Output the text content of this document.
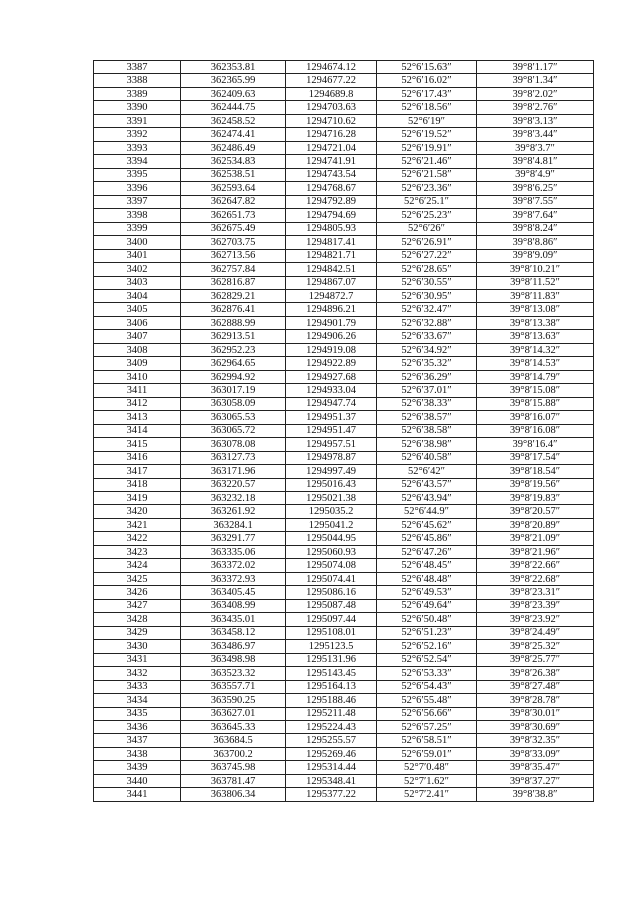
3387	362353.81	1294674.12	52°6′15.63″	39°8′1.17″
3388	362365.99	1294677.22	52°6′16.02″	39°8′1.34″
3389	362409.63	1294689.8	52°6′17.43″	39°8′2.02″
3390	362444.75	1294703.63	52°6′18.56″	39°8′2.76″
3391	362458.52	1294710.62	52°6′19″	39°8′3.13″
3392	362474.41	1294716.28	52°6′19.52″	39°8′3.44″
3393	362486.49	1294721.04	52°6′19.91″	39°8′3.7″
3394	362534.83	1294741.91	52°6′21.46″	39°8′4.81″
3395	362538.51	1294743.54	52°6′21.58″	39°8′4.9″
3396	362593.64	1294768.67	52°6′23.36″	39°8′6.25″
3397	362647.82	1294792.89	52°6′25.1″	39°8′7.55″
3398	362651.73	1294794.69	52°6′25.23″	39°8′7.64″
3399	362675.49	1294805.93	52°6′26″	39°8′8.24″
3400	362703.75	1294817.41	52°6′26.91″	39°8′8.86″
3401	362713.56	1294821.71	52°6′27.22″	39°8′9.09″
3402	362757.84	1294842.51	52°6′28.65″	39°8′10.21″
3403	362816.87	1294867.07	52°6′30.55″	39°8′11.52″
3404	362829.21	1294872.7	52°6′30.95″	39°8′11.83″
3405	362876.41	1294896.21	52°6′32.47″	39°8′13.08″
3406	362888.99	1294901.79	52°6′32.88″	39°8′13.38″
3407	362913.51	1294906.26	52°6′33.67″	39°8′13.63″
3408	362952.23	1294919.08	52°6′34.92″	39°8′14.32″
3409	362964.65	1294922.89	52°6′35.32″	39°8′14.53″
3410	362994.92	1294927.68	52°6′36.29″	39°8′14.79″
3411	363017.19	1294933.04	52°6′37.01″	39°8′15.08″
3412	363058.09	1294947.74	52°6′38.33″	39°8′15.88″
3413	363065.53	1294951.37	52°6′38.57″	39°8′16.07″
3414	363065.72	1294951.47	52°6′38.58″	39°8′16.08″
3415	363078.08	1294957.51	52°6′38.98″	39°8′16.4″
3416	363127.73	1294978.87	52°6′40.58″	39°8′17.54″
3417	363171.96	1294997.49	52°6′42″	39°8′18.54″
3418	363220.57	1295016.43	52°6′43.57″	39°8′19.56″
3419	363232.18	1295021.38	52°6′43.94″	39°8′19.83″
3420	363261.92	1295035.2	52°6′44.9″	39°8′20.57″
3421	363284.1	1295041.2	52°6′45.62″	39°8′20.89″
3422	363291.77	1295044.95	52°6′45.86″	39°8′21.09″
3423	363335.06	1295060.93	52°6′47.26″	39°8′21.96″
3424	363372.02	1295074.08	52°6′48.45″	39°8′22.66″
3425	363372.93	1295074.41	52°6′48.48″	39°8′22.68″
3426	363405.45	1295086.16	52°6′49.53″	39°8′23.31″
3427	363408.99	1295087.48	52°6′49.64″	39°8′23.39″
3428	363435.01	1295097.44	52°6′50.48″	39°8′23.92″
3429	363458.12	1295108.01	52°6′51.23″	39°8′24.49″
3430	363486.97	1295123.5	52°6′52.16″	39°8′25.32″
3431	363498.98	1295131.96	52°6′52.54″	39°8′25.77″
3432	363523.32	1295143.45	52°6′53.33″	39°8′26.38″
3433	363557.71	1295164.13	52°6′54.43″	39°8′27.48″
3434	363590.25	1295188.46	52°6′55.48″	39°8′28.78″
3435	363627.01	1295211.48	52°6′56.66″	39°8′30.01″
3436	363645.33	1295224.43	52°6′57.25″	39°8′30.69″
3437	363684.5	1295255.57	52°6′58.51″	39°8′32.35″
3438	363700.2	1295269.46	52°6′59.01″	39°8′33.09″
3439	363745.98	1295314.44	52°7′0.48″	39°8′35.47″
3440	363781.47	1295348.41	52°7′1.62″	39°8′37.27″
3441	363806.34	1295377.22	52°7′2.41″	39°8′38.8″
